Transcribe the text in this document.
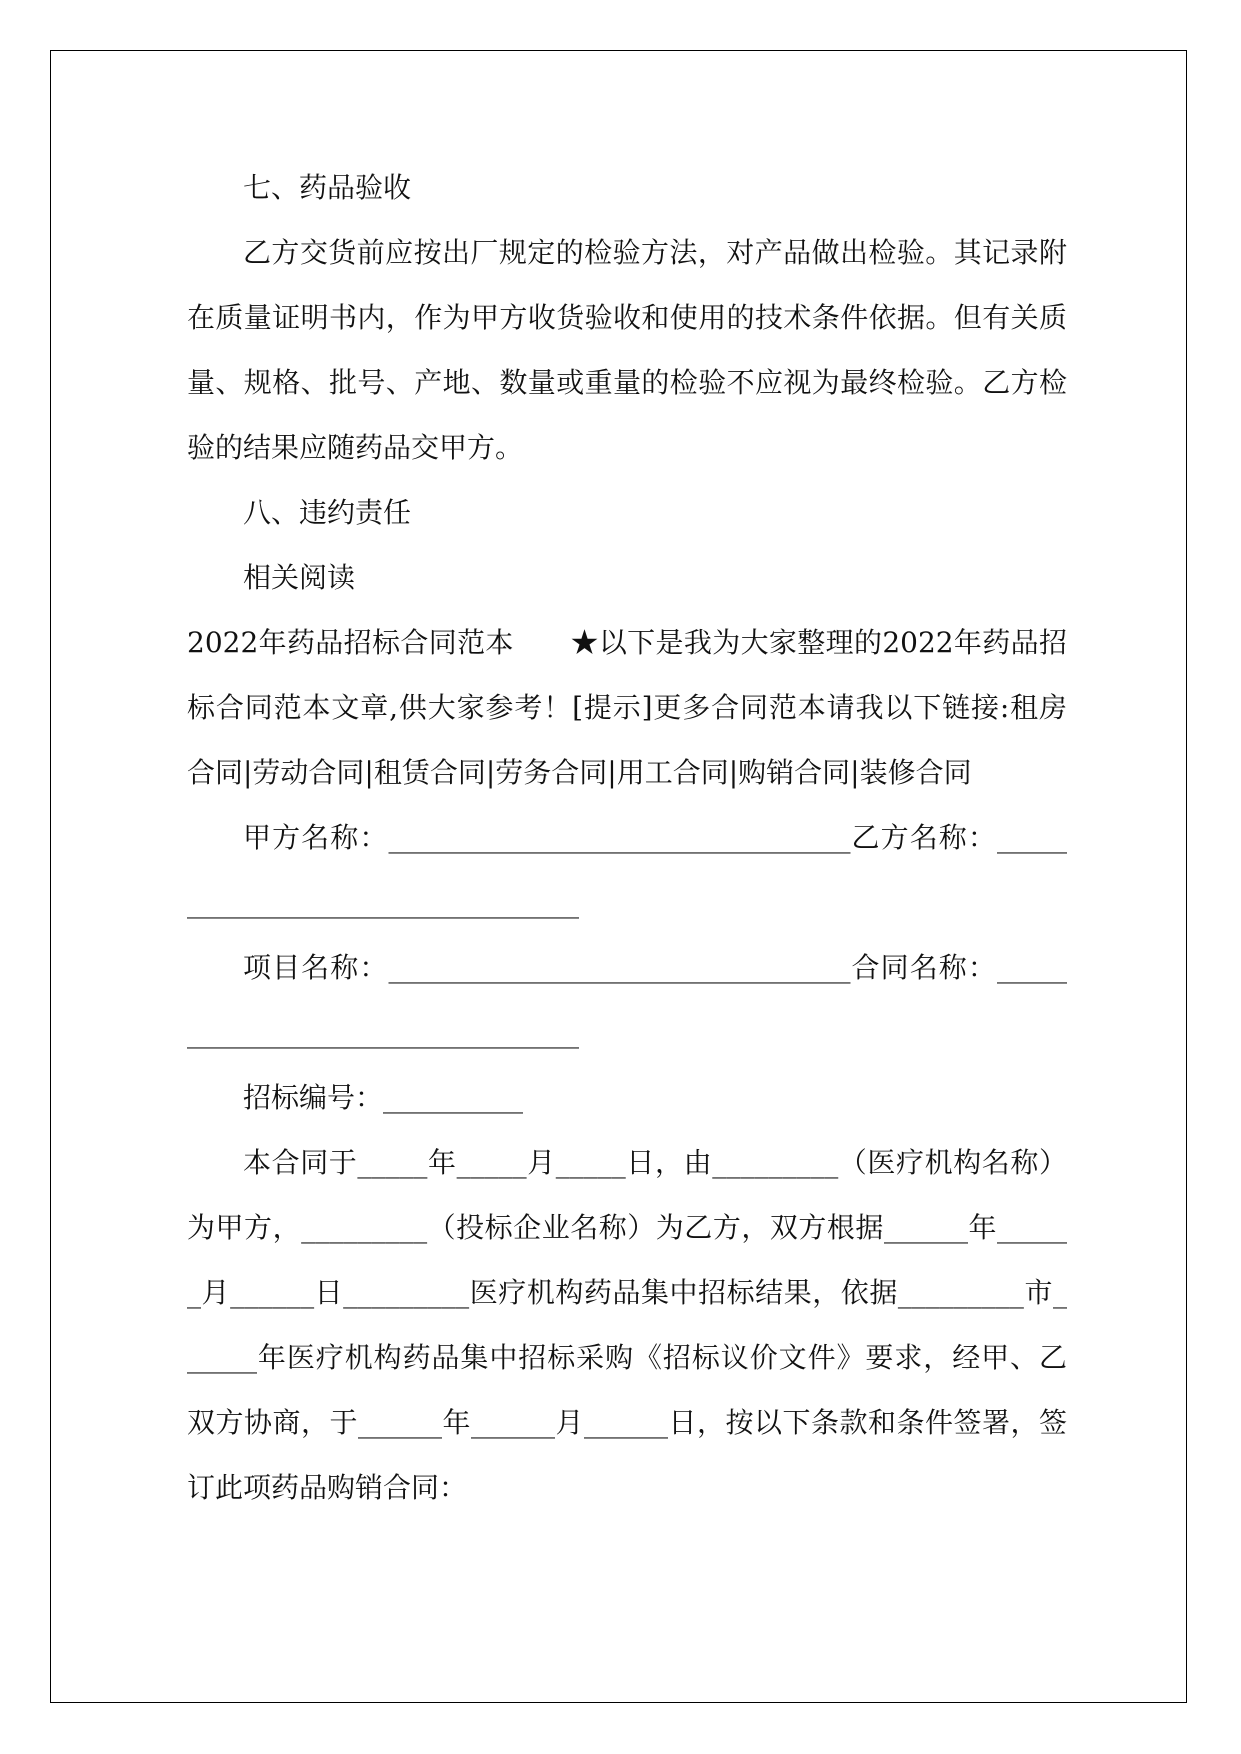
七、药品验收

乙方交货前应按出厂规定的检验方法，对产品做出检验。其记录附在质量证明书内，作为甲方收货验收和使用的技术条件依据。但有关质量、规格、批号、产地、数量或重量的检验不应视为最终检验。乙方检验的结果应随药品交甲方。

八、违约责任

相关阅读

2022年药品招标合同范本　　★以下是我为大家整理的2022年药品招标合同范本文章,供大家参考！[提示]更多合同范本请我以下链接:租房合同|劳动合同|租赁合同|劳务合同|用工合同|购销合同|装修合同

甲方名称：_________________________________乙方名称：_________________________________

项目名称：_________________________________合同名称：_________________________________

招标编号：__________

本合同于_____年_____月_____日，由_________（医疗机构名称）为甲方，_________（投标企业名称）为乙方，双方根据______年______月______日_________医疗机构药品集中招标结果，依据_________市______年医疗机构药品集中招标采购《招标议价文件》要求，经甲、乙双方协商，于______年______月______日，按以下条款和条件签署，签订此项药品购销合同：
